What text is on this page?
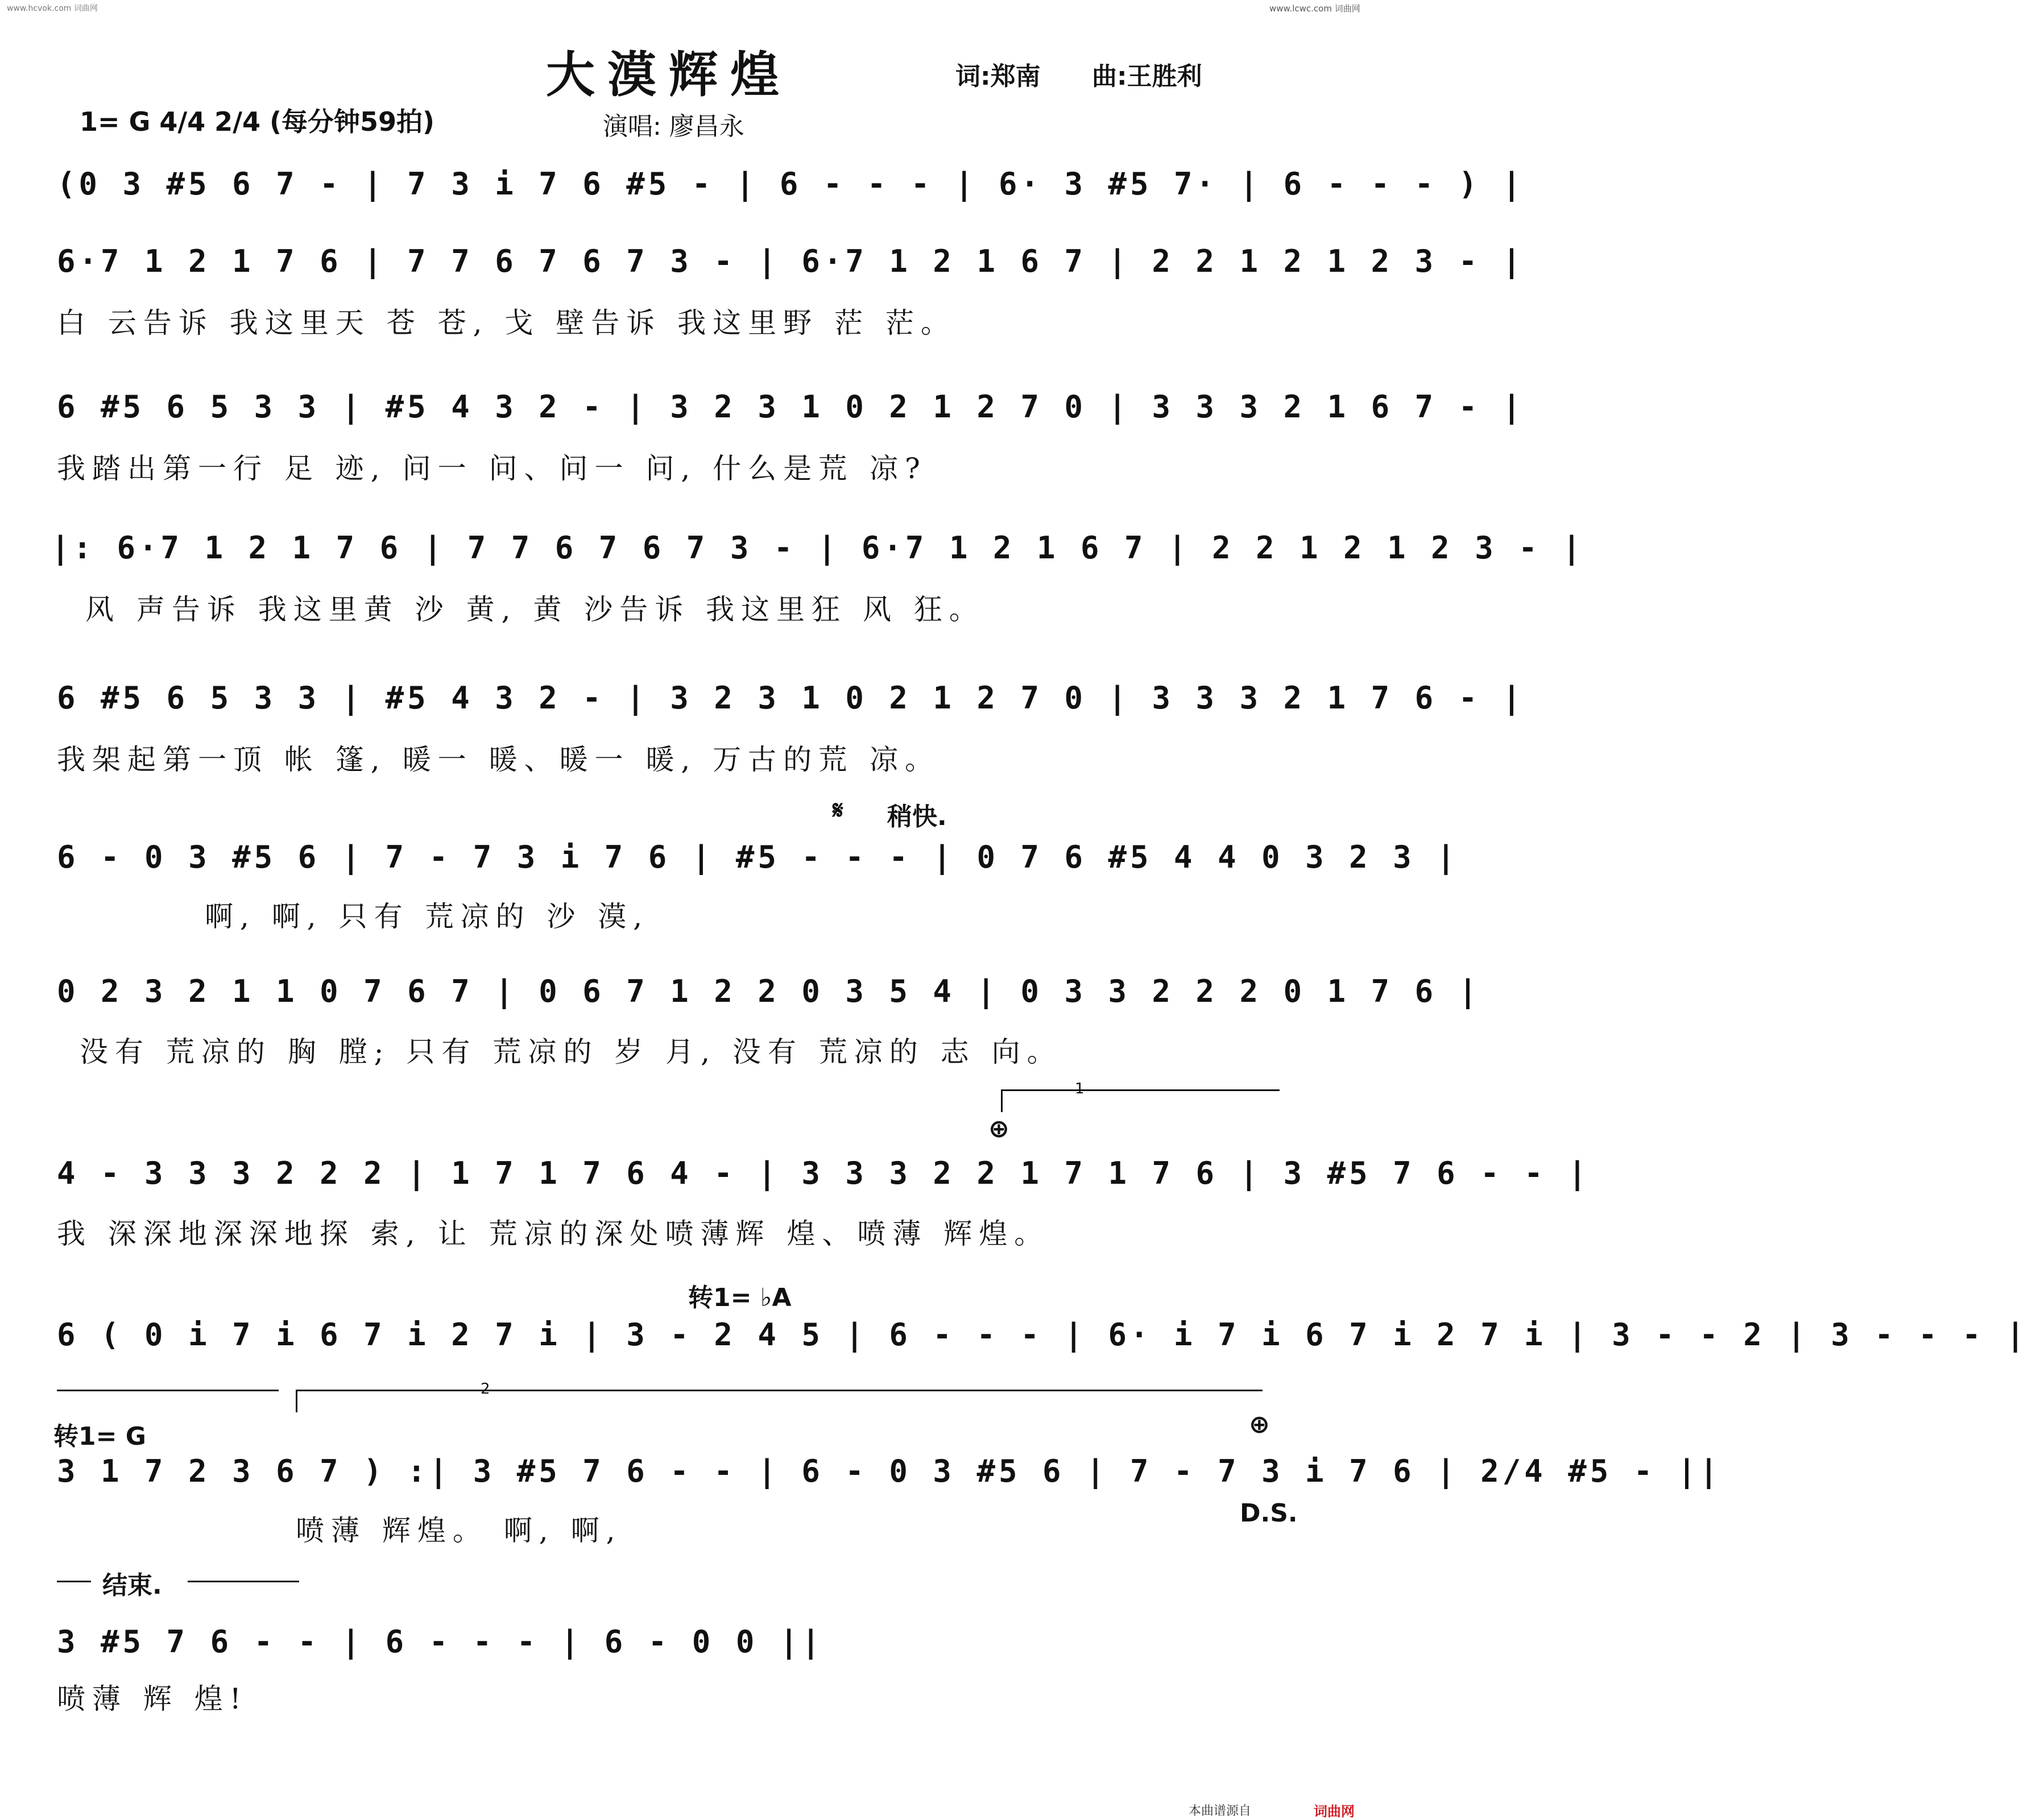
www.hcvok.com 词曲网	www.lcwc.com 词曲网
大漠辉煌	词:郑南 曲:王胜利
1= G 4/4 2/4 (每分钟59拍)	演唱: 廖昌永
(0 3 #5 6 7 - | 7 3 i 7 6 #5 - | 6 - - - | 6· 3 #5 7· | 6 - - - ) |
6·7 1 2 1 7 6 | 7 7 6 7 6 7 3 - | 6·7 1 2 1 6 7 | 2 2 1 2 1 2 3 - |
白 云告诉 我这里天 苍 苍, 戈 壁告诉 我这里野 茫 茫。
6 #5 6 5 3 3 | #5 4 3 2 - | 3 2 3 1 0 2 1 2 7 0 | 3 3 3 2 1 6 7 - |
我踏出第一行 足 迹, 问一 问、问一 问, 什么是荒 凉?
|: 6·7 1 2 1 7 6 | 7 7 6 7 6 7 3 - | 6·7 1 2 1 6 7 | 2 2 1 2 1 2 3 - |
风 声告诉 我这里黄 沙 黄, 黄 沙告诉 我这里狂 风 狂。
6 #5 6 5 3 3 | #5 4 3 2 - | 3 2 3 1 0 2 1 2 7 0 | 3 3 3 2 1 7 6 - |
我架起第一顶 帐 篷, 暖一 暖、暖一 暖, 万古的荒 凉。
𝄋 稍快.
6 - 0 3 #5 6 | 7 - 7 3 i 7 6 | #5 - - - | 0 7 6 #5 4 4 0 3 2 3 |
啊, 啊, 只有 荒凉的 沙 漠,
0 2 3 2 1 1 0 7 6 7 | 0 6 7 1 2 2 0 3 5 4 | 0 3 3 2 2 2 0 1 7 6 |
没有 荒凉的 胸 膛; 只有 荒凉的 岁 月, 没有 荒凉的 志 向。
1
⊕
4 - 3 3 3 2 2 2 | 1 7 1 7 6 4 - | 3 3 3 2 2 1 7 1 7 6 | 3 #5 7 6 - - |
我 深深地深深地探 索, 让 荒凉的深处喷薄辉 煌、喷薄 辉煌。
转1= ♭A
6 ( 0 i 7 i 6 7 i 2 7 i | 3 - 2 4 5 | 6 - - - | 6· i 7 i 6 7 i 2 7 i | 3 - - 2 | 3 - - - |
2
转1= G	⊕
3 1 7 2 3 6 7 ) :| 3 #5 7 6 - - | 6 - 0 3 #5 6 | 7 - 7 3 i 7 6 | 2/4 #5 - ||
喷薄 辉煌。 啊, 啊,
D.S.
结束.
3 #5 7 6 - - | 6 - - - | 6 - 0 0 ||
喷薄 辉 煌!
本曲谱源自	词曲网
